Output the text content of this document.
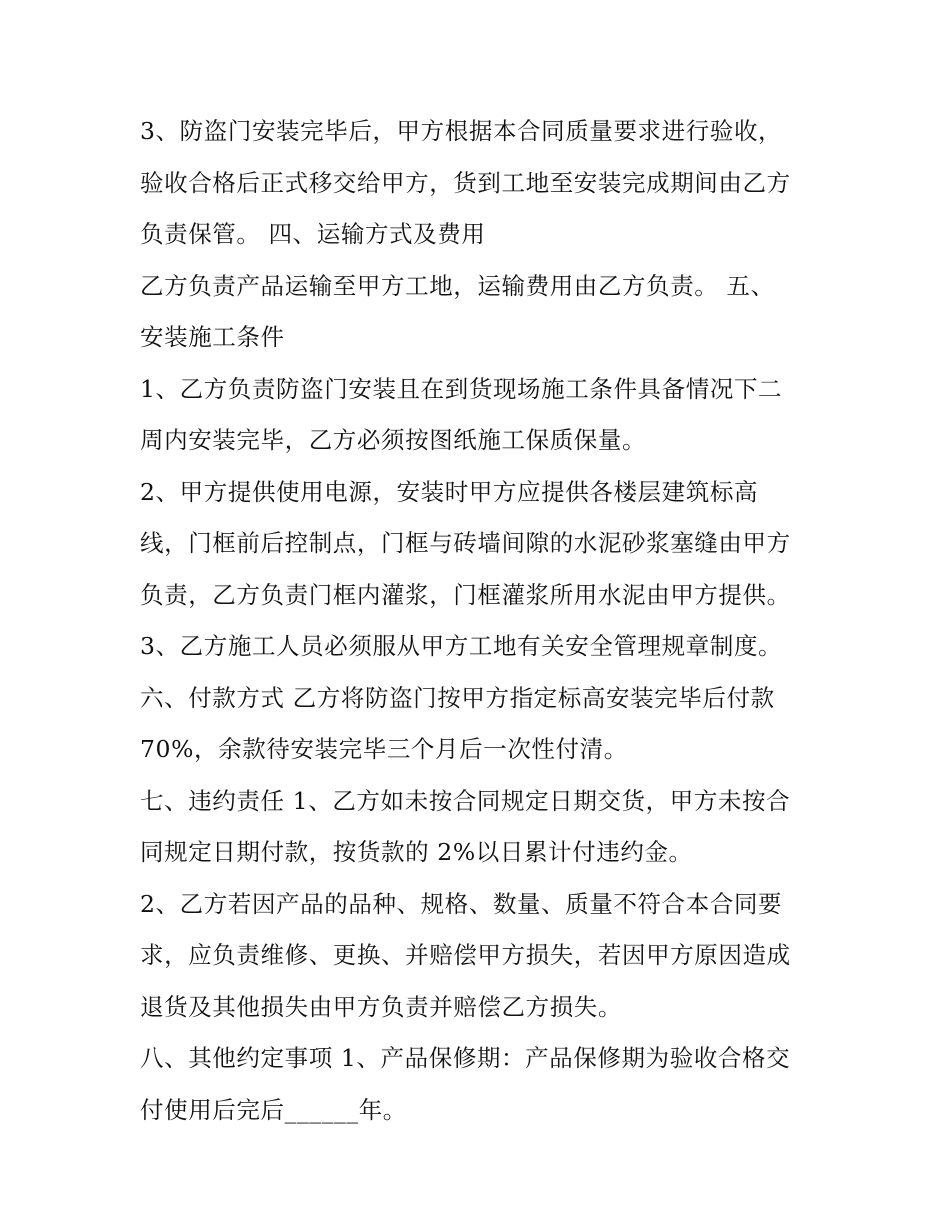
3、防盗门安装完毕后，甲方根据本合同质量要求进行验收，
验收合格后正式移交给甲方，货到工地至安装完成期间由乙方
负责保管。 四、运输方式及费用
乙方负责产品运输至甲方工地，运输费用由乙方负责。 五、
安装施工条件
1、乙方负责防盗门安装且在到货现场施工条件具备情况下二
周内安装完毕，乙方必须按图纸施工保质保量。
2、甲方提供使用电源，安装时甲方应提供各楼层建筑标高
线，门框前后控制点，门框与砖墙间隙的水泥砂浆塞缝由甲方
负责，乙方负责门框内灌浆，门框灌浆所用水泥由甲方提供。
3、乙方施工人员必须服从甲方工地有关安全管理规章制度。
六、付款方式 乙方将防盗门按甲方指定标高安装完毕后付款
70%，余款待安装完毕三个月后一次性付清。
七、违约责任 1、乙方如未按合同规定日期交货，甲方未按合
同规定日期付款，按货款的 2%以日累计付违约金。
2、乙方若因产品的品种、规格、数量、质量不符合本合同要
求，应负责维修、更换、并赔偿甲方损失，若因甲方原因造成
退货及其他损失由甲方负责并赔偿乙方损失。
八、其他约定事项 1、产品保修期：产品保修期为验收合格交
付使用后完后______年。
